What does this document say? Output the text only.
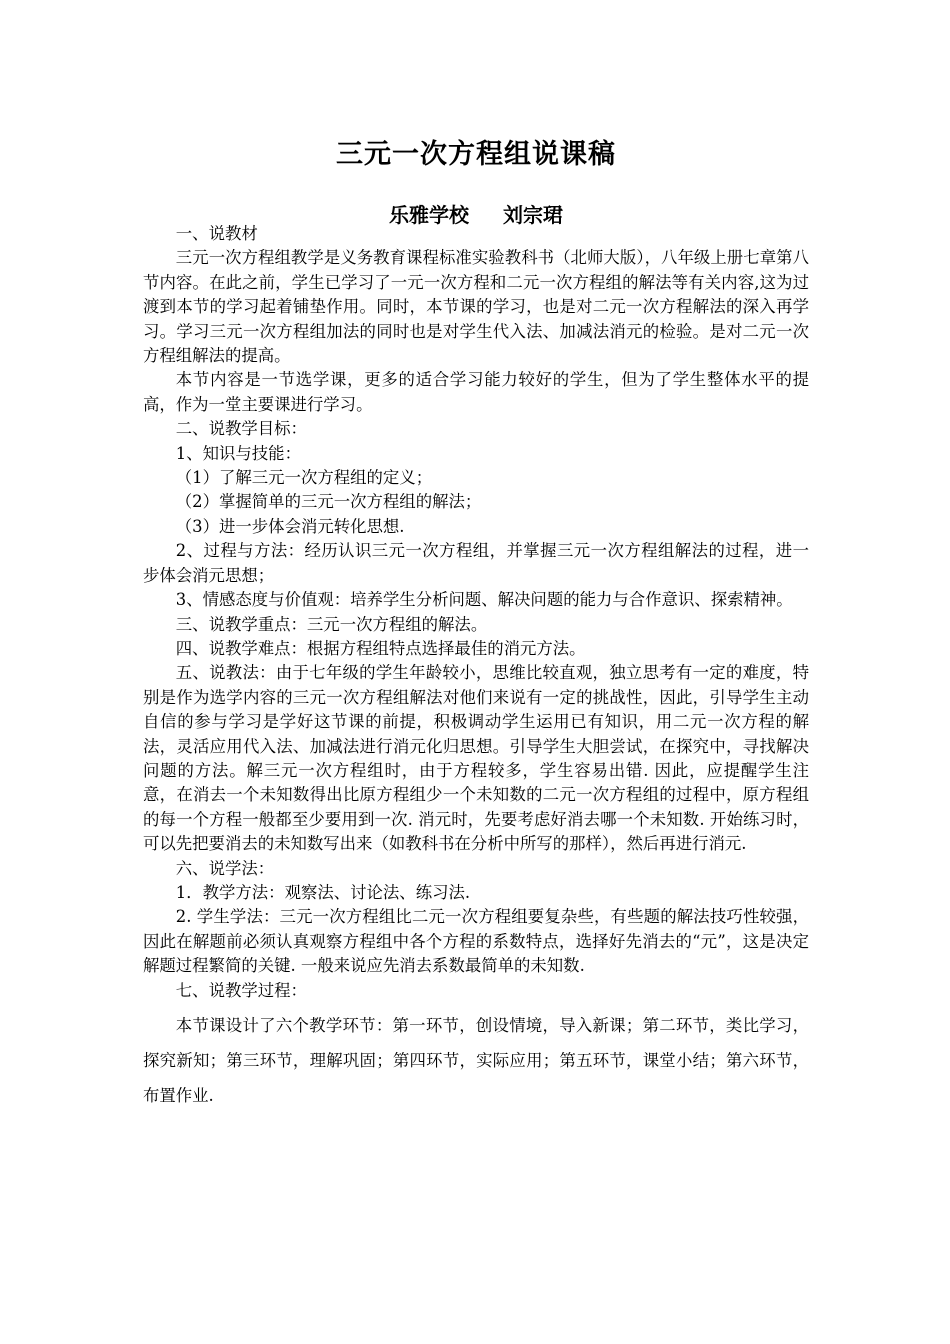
三元一次方程组说课稿
乐雅学校 刘宗珺

一、说教材

三元一次方程组教学是义务教育课程标准实验教科书（北师大版），八年级上册七章第八节内容。在此之前，学生已学习了一元一次方程和二元一次方程组的解法等有关内容,这为过渡到本节的学习起着铺垫作用。同时，本节课的学习，也是对二元一次方程解法的深入再学习。学习三元一次方程组加法的同时也是对学生代入法、加减法消元的检验。是对二元一次方程组解法的提高。

本节内容是一节选学课，更多的适合学习能力较好的学生，但为了学生整体水平的提高，作为一堂主要课进行学习。

二、说教学目标：

1、知识与技能：

（1）了解三元一次方程组的定义；

（2）掌握简单的三元一次方程组的解法；

（3）进一步体会消元转化思想.

2、过程与方法：经历认识三元一次方程组，并掌握三元一次方程组解法的过程，进一步体会消元思想；

3、情感态度与价值观：培养学生分析问题、解决问题的能力与合作意识、探索精神。

三、说教学重点：三元一次方程组的解法。

四、说教学难点：根据方程组特点选择最佳的消元方法。

五、说教法：由于七年级的学生年龄较小，思维比较直观，独立思考有一定的难度，特别是作为选学内容的三元一次方程组解法对他们来说有一定的挑战性，因此，引导学生主动自信的参与学习是学好这节课的前提，积极调动学生运用已有知识，用二元一次方程的解法，灵活应用代入法、加减法进行消元化归思想。引导学生大胆尝试，在探究中，寻找解决问题的方法。解三元一次方程组时，由于方程较多，学生容易出错. 因此，应提醒学生注 意，在消去一个未知数得出比原方程组少一个未知数的二元一次方程组的过程中，原方程组的每一个方程一般都至少要用到一次. 消元时，先要考虑好消去哪一个未知数. 开始练习时，可以先把要消去的未知数写出来（如教科书在分析中所写的那样），然后再进行消元.

六、说学法：

1．教学方法：观察法、讨论法、练习法.

2. 学生学法：三元一次方程组比二元一次方程组要复杂些，有些题的解法技巧性较强，因此在解题前必须认真观察方程组中各个方程的系数特点，选择好先消去的“元”，这是决定解题过程繁简的关键. 一般来说应先消去系数最简单的未知数.

七、说教学过程：

本节课设计了六个教学环节：第一环节，创设情境，导入新课；第二环节，类比学习，探究新知；第三环节，理解巩固；第四环节，实际应用；第五环节，课堂小结；第六环节，布置作业.
